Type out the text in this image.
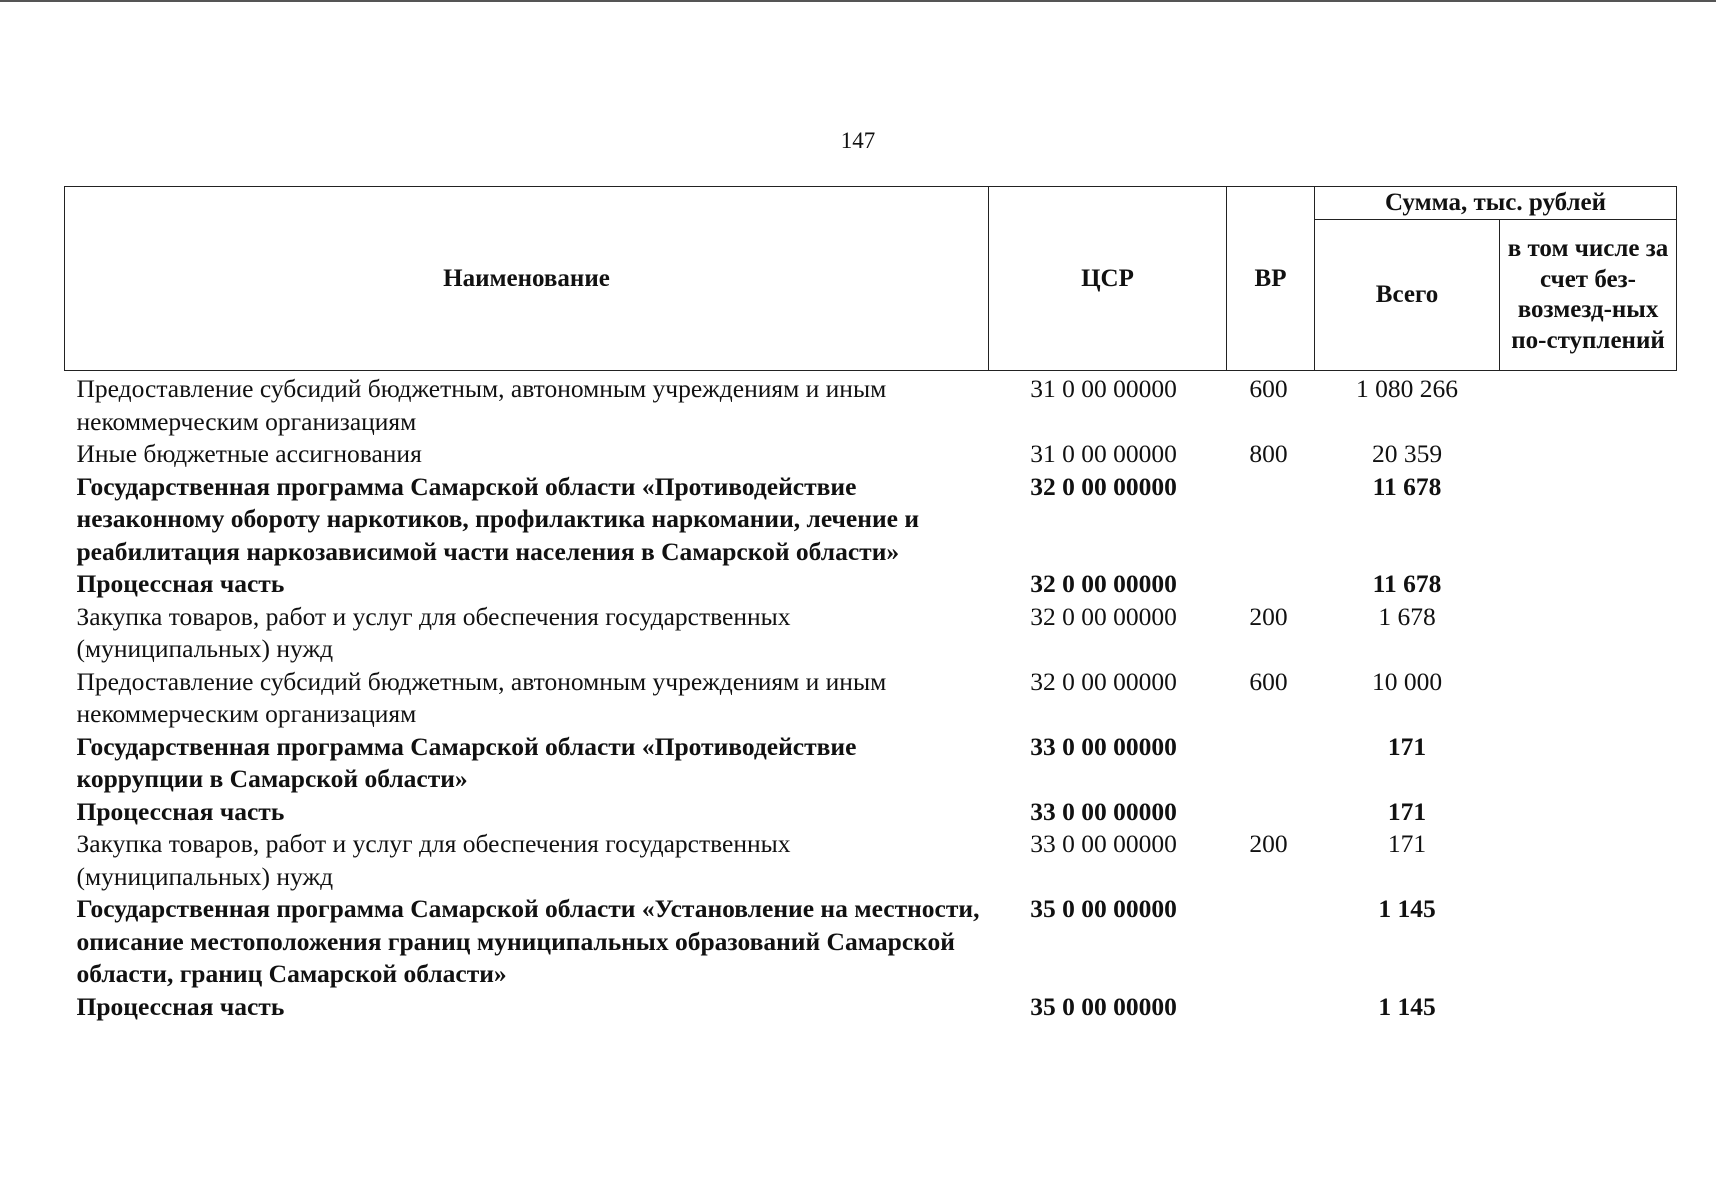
147
Наименование	ЦСР	ВР	Сумма, тыс. рублей	
			Всего	в том числе за счет без-возмезд-ных по-ступлений
Предоставление субсидий бюджетным, автономным учреждениям и иным некоммерческим организациям	31 0 00 00000	600	1 080 266	
Иные бюджетные ассигнования	31 0 00 00000	800	20 359	
Государственная программа Самарской области «Противодействие незаконному обороту наркотиков, профилактика наркомании, лечение и реабилитация наркозависимой части населения в Самарской области»	32 0 00 00000		11 678	
Процессная часть	32 0 00 00000		11 678	
Закупка товаров, работ и услуг для обеспечения государственных (муниципальных) нужд	32 0 00 00000	200	1 678	
Предоставление субсидий бюджетным, автономным учреждениям и иным некоммерческим организациям	32 0 00 00000	600	10 000	
Государственная программа Самарской области «Противодействие коррупции в Самарской области»	33 0 00 00000		171	
Процессная часть	33 0 00 00000		171	
Закупка товаров, работ и услуг для обеспечения государственных (муниципальных) нужд	33 0 00 00000	200	171	
Государственная программа Самарской области «Установление на местности, описание местоположения границ муниципальных образований Самарской области, границ Самарской области»	35 0 00 00000		1 145	
Процессная часть	35 0 00 00000		1 145	
